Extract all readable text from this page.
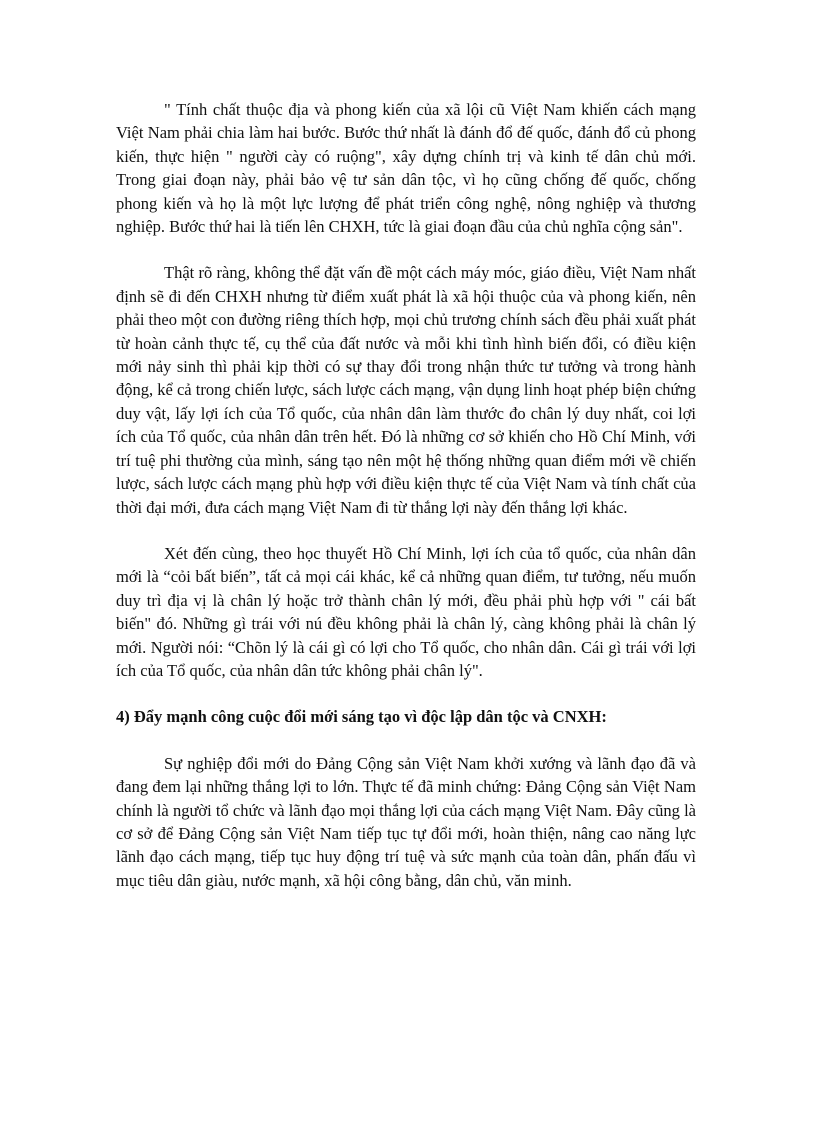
" Tính chất thuộc địa và phong kiến của xã lội cũ Việt Nam khiến cách mạng Việt Nam phải chia làm hai bước. Bước thứ nhất là đánh đổ đế quốc, đánh đổ củ phong kiến, thực hiện " người cày có ruộng", xây dựng chính trị và kinh tế dân chủ mới. Trong giai đoạn này, phải bảo vệ tư sản dân tộc, vì họ cũng chống đế quốc, chống phong kiến và họ là một lực lượng để phát triển công nghệ, nông nghiệp và thương nghiệp. Bước thứ hai là tiến lên CHXH, tức là giai đoạn đầu của chủ nghĩa cộng sản".

Thật rõ ràng, không thể đặt vấn đề một cách máy móc, giáo điều, Việt Nam nhất định sẽ đi đến CHXH nhưng từ điểm xuất phát là xã hội thuộc của và phong kiến, nên phải theo một con đường riêng thích hợp, mọi chủ trương chính sách đều phải xuất phát từ hoàn cảnh thực tế, cụ thể của đất nước và mỗi khi tình hình biến đổi, có điều kiện mới nảy sinh thì phải kịp thời có sự thay đổi trong nhận thức tư tưởng và trong hành động, kể cả trong chiến lược, sách lược cách mạng, vận dụng linh hoạt phép biện chứng duy vật, lấy lợi ích của Tổ quốc, của nhân dân làm thước đo chân lý duy nhất, coi lợi ích của Tổ quốc, của nhân dân trên hết. Đó là những cơ sở khiến cho Hồ Chí Minh, với trí tuệ phi thường của mình, sáng tạo nên một hệ thống những quan điểm mới về chiến lược, sách lược cách mạng phù hợp với điều kiện thực tế của Việt Nam và tính chất của thời đại mới, đưa cách mạng Việt Nam đi từ thắng lợi này đến thắng lợi khác.

Xét đến cùng, theo học thuyết Hồ Chí Minh, lợi ích của tổ quốc, của nhân dân mới là “cỏi bất biến”, tất cả mọi cái khác, kể cả những quan điểm, tư tưởng, nếu muốn duy trì địa vị là chân lý hoặc trở thành chân lý mới, đều phải phù hợp với " cái bất biến" đó. Những gì trái với nú đều không phải là chân lý, càng không phải là chân lý mới. Người nói: “Chõn lý là cái gì có lợi cho Tổ quốc, cho nhân dân. Cái gì trái với lợi ích của Tổ quốc, của nhân dân tức không phải chân lý".

4) Đẩy mạnh công cuộc đổi mới sáng tạo vì độc lập dân tộc và CNXH:

Sự nghiệp đổi mới do Đảng Cộng sản Việt Nam khởi xướng và lãnh đạo đã và đang đem lại những thắng lợi to lớn. Thực tế đã minh chứng: Đảng Cộng sản Việt Nam chính là người tổ chức và lãnh đạo mọi thắng lợi của cách mạng Việt Nam. Đây cũng là cơ sở để Đảng Cộng sản Việt Nam tiếp tục tự đổi mới, hoàn thiện, nâng cao năng lực lãnh đạo cách mạng, tiếp tục huy động trí tuệ và sức mạnh của toàn dân, phấn đấu vì mục tiêu dân giàu, nước mạnh, xã hội công bằng, dân chủ, văn minh.
